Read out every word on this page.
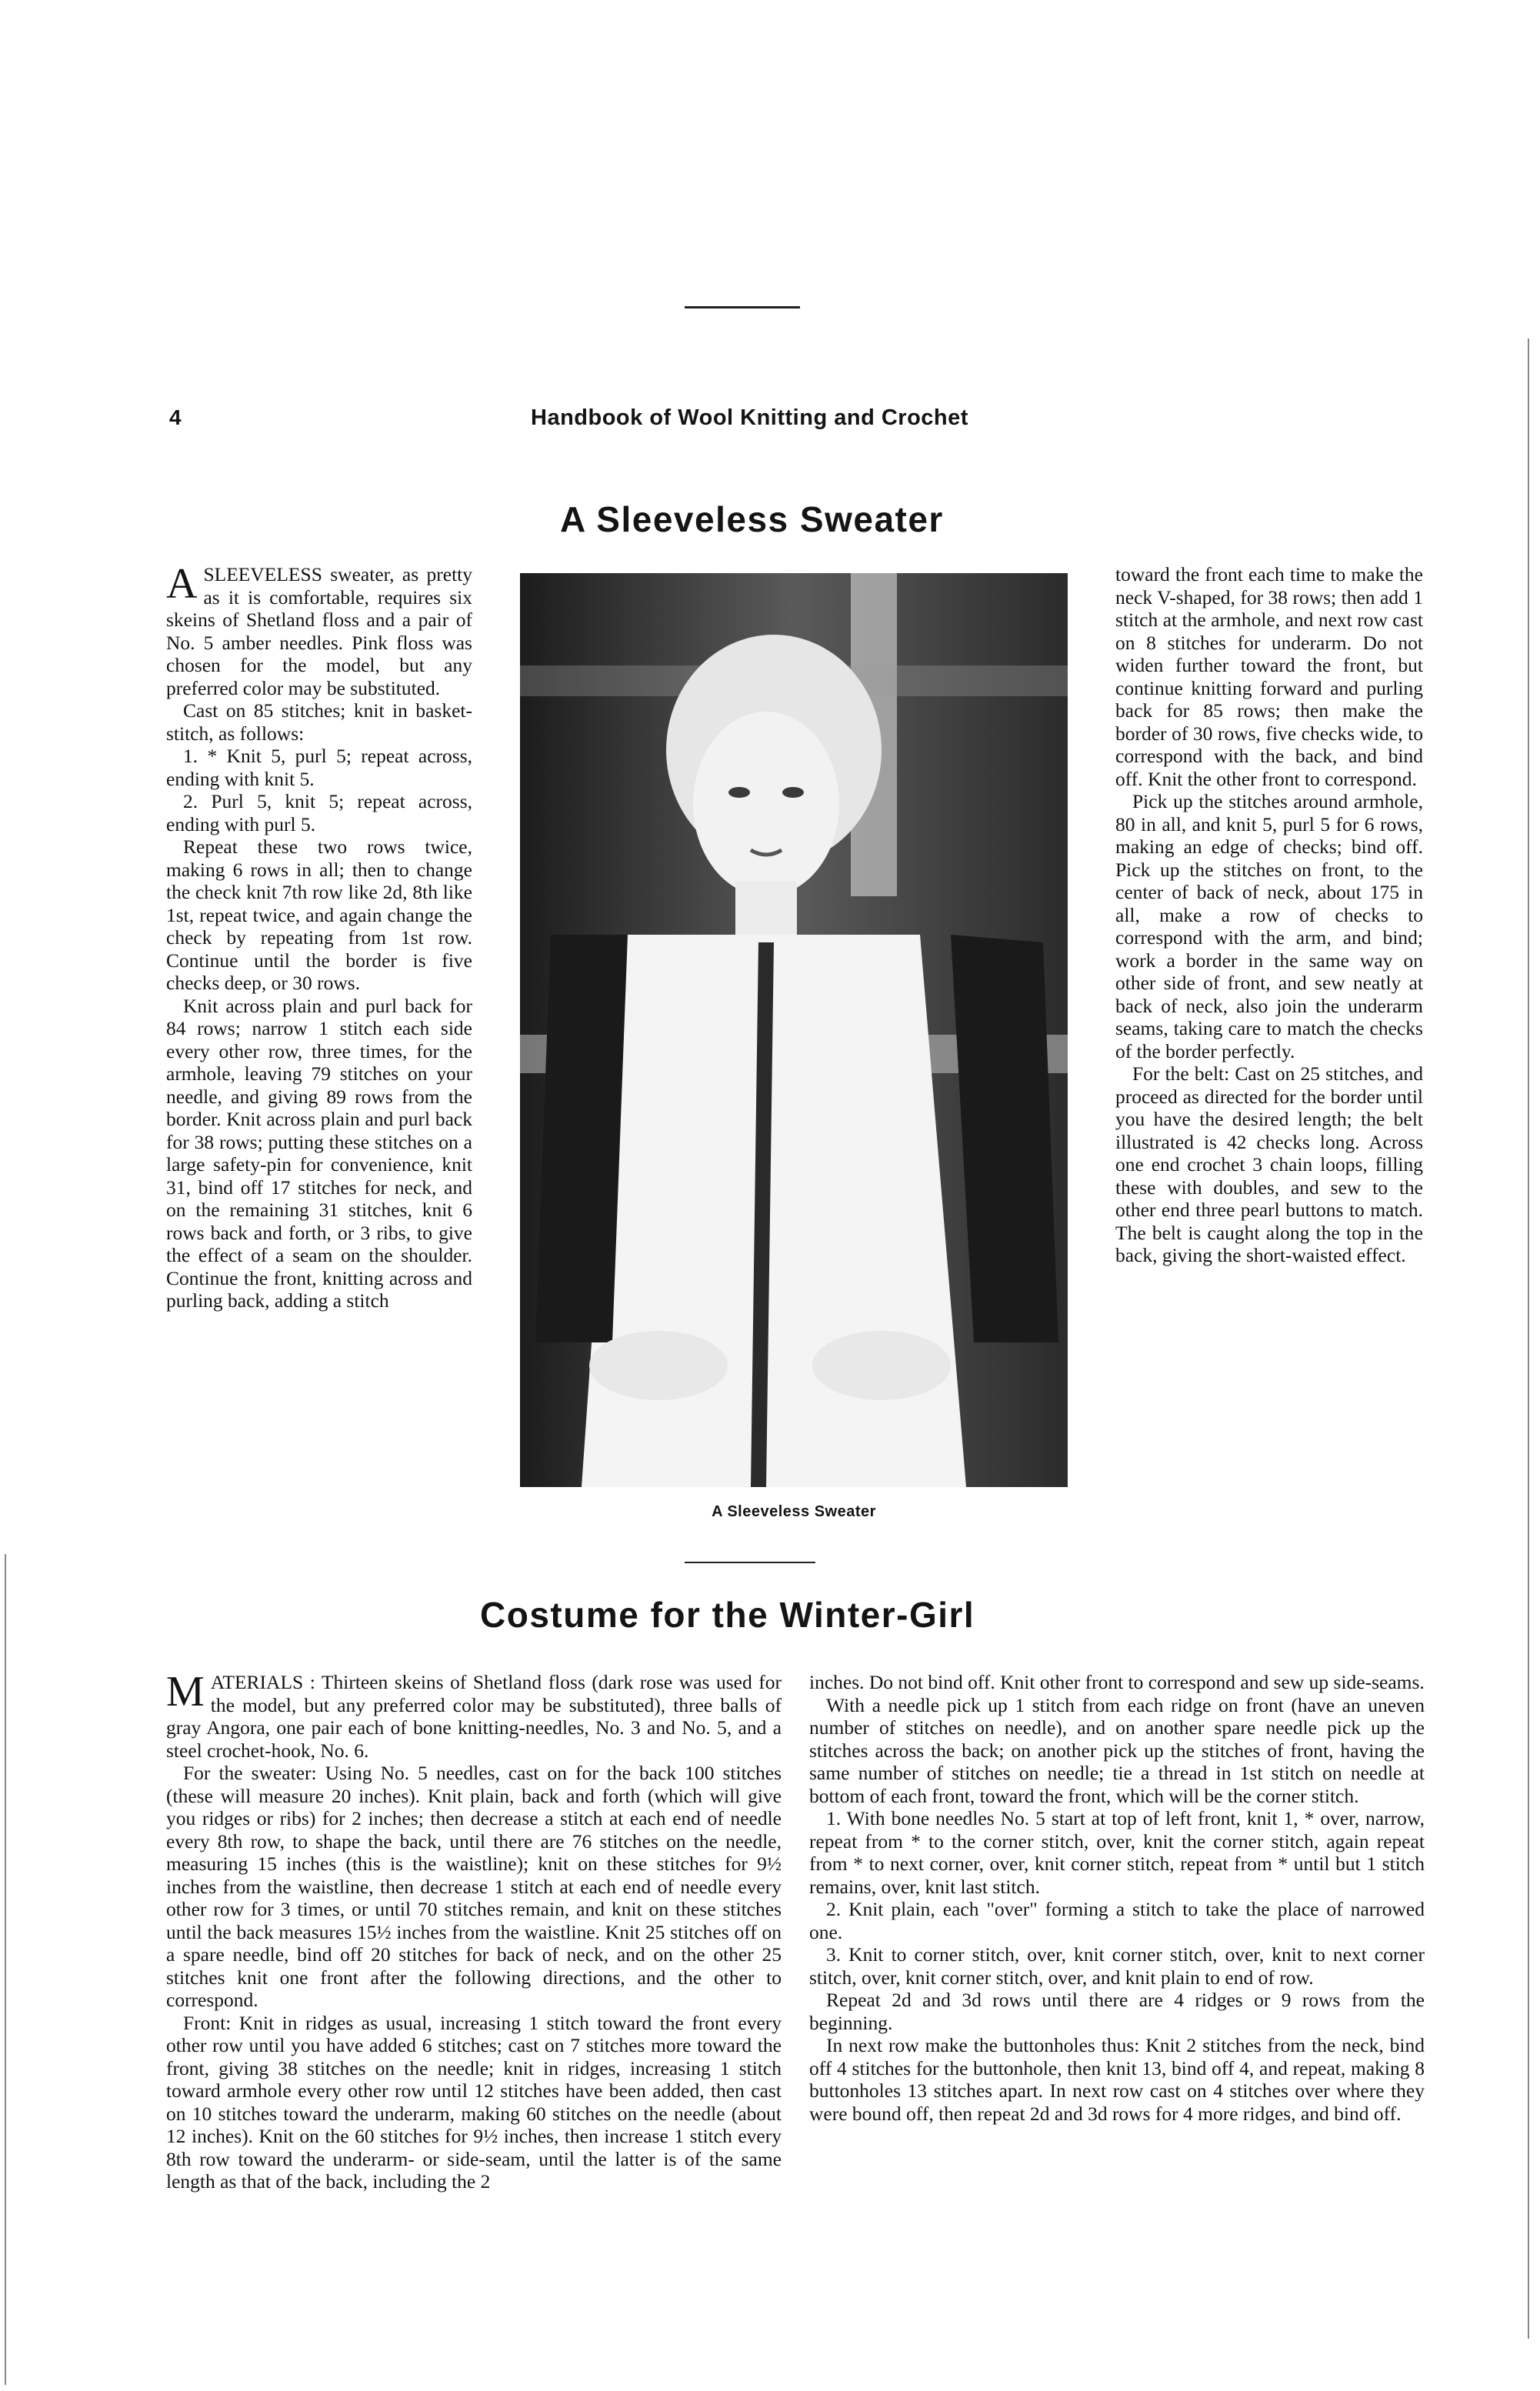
4	Handbook of Wool Knitting and Crochet
A Sleeveless Sweater

ASLEEVELESS sweater, as pretty as it is comfortable, requires six skeins of Shetland floss and a pair of No. 5 amber needles. Pink floss was chosen for the model, but any preferred color may be substituted.

Cast on 85 stitches; knit in basket-stitch, as follows:

1. * Knit 5, purl 5; repeat across, ending with knit 5.

2. Purl 5, knit 5; repeat across, ending with purl 5.

Repeat these two rows twice, making 6 rows in all; then to change the check knit 7th row like 2d, 8th like 1st, repeat twice, and again change the check by repeating from 1st row. Continue until the border is five checks deep, or 30 rows.

Knit across plain and purl back for 84 rows; narrow 1 stitch each side every other row, three times, for the armhole, leaving 79 stitches on your needle, and giving 89 rows from the border. Knit across plain and purl back for 38 rows; putting these stitches on a large safety-pin for convenience, knit 31, bind off 17 stitches for neck, and on the remaining 31 stitches, knit 6 rows back and forth, or 3 ribs, to give the effect of a seam on the shoulder. Continue the front, knitting across and purling back, adding a stitch

A Sleeveless Sweater

toward the front each time to make the neck V-shaped, for 38 rows; then add 1 stitch at the armhole, and next row cast on 8 stitches for underarm. Do not widen further toward the front, but continue knitting forward and purling back for 85 rows; then make the border of 30 rows, five checks wide, to correspond with the back, and bind off. Knit the other front to correspond.

Pick up the stitches around armhole, 80 in all, and knit 5, purl 5 for 6 rows, making an edge of checks; bind off. Pick up the stitches on front, to the center of back of neck, about 175 in all, make a row of checks to correspond with the arm, and bind; work a border in the same way on other side of front, and sew neatly at back of neck, also join the underarm seams, taking care to match the checks of the border perfectly.

For the belt: Cast on 25 stitches, and proceed as directed for the border until you have the desired length; the belt illustrated is 42 checks long. Across one end crochet 3 chain loops, filling these with doubles, and sew to the other end three pearl buttons to match. The belt is caught along the top in the back, giving the short-waisted effect.

Costume for the Winter-Girl

MATERIALS : Thirteen skeins of Shetland floss (dark rose was used for the model, but any preferred color may be substituted), three balls of gray Angora, one pair each of bone knitting-needles, No. 3 and No. 5, and a steel crochet-hook, No. 6.

For the sweater: Using No. 5 needles, cast on for the back 100 stitches (these will measure 20 inches). Knit plain, back and forth (which will give you ridges or ribs) for 2 inches; then decrease a stitch at each end of needle every 8th row, to shape the back, until there are 76 stitches on the needle, measuring 15 inches (this is the waistline); knit on these stitches for 9½ inches from the waistline, then decrease 1 stitch at each end of needle every other row for 3 times, or until 70 stitches remain, and knit on these stitches until the back measures 15½ inches from the waistline. Knit 25 stitches off on a spare needle, bind off 20 stitches for back of neck, and on the other 25 stitches knit one front after the following directions, and the other to correspond.

Front: Knit in ridges as usual, increasing 1 stitch toward the front every other row until you have added 6 stitches; cast on 7 stitches more toward the front, giving 38 stitches on the needle; knit in ridges, increasing 1 stitch toward armhole every other row until 12 stitches have been added, then cast on 10 stitches toward the underarm, making 60 stitches on the needle (about 12 inches). Knit on the 60 stitches for 9½ inches, then increase 1 stitch every 8th row toward the underarm- or side-seam, until the latter is of the same length as that of the back, including the 2

inches. Do not bind off. Knit other front to correspond and sew up side-seams.

With a needle pick up 1 stitch from each ridge on front (have an uneven number of stitches on needle), and on another spare needle pick up the stitches across the back; on another pick up the stitches of front, having the same number of stitches on needle; tie a thread in 1st stitch on needle at bottom of each front, toward the front, which will be the corner stitch.

1. With bone needles No. 5 start at top of left front, knit 1, * over, narrow, repeat from * to the corner stitch, over, knit the corner stitch, again repeat from * to next corner, over, knit corner stitch, repeat from * until but 1 stitch remains, over, knit last stitch.

2. Knit plain, each "over" forming a stitch to take the place of narrowed one.

3. Knit to corner stitch, over, knit corner stitch, over, knit to next corner stitch, over, knit corner stitch, over, and knit plain to end of row.

Repeat 2d and 3d rows until there are 4 ridges or 9 rows from the beginning.

In next row make the buttonholes thus: Knit 2 stitches from the neck, bind off 4 stitches for the buttonhole, then knit 13, bind off 4, and repeat, making 8 buttonholes 13 stitches apart. In next row cast on 4 stitches over where they were bound off, then repeat 2d and 3d rows for 4 more ridges, and bind off.
